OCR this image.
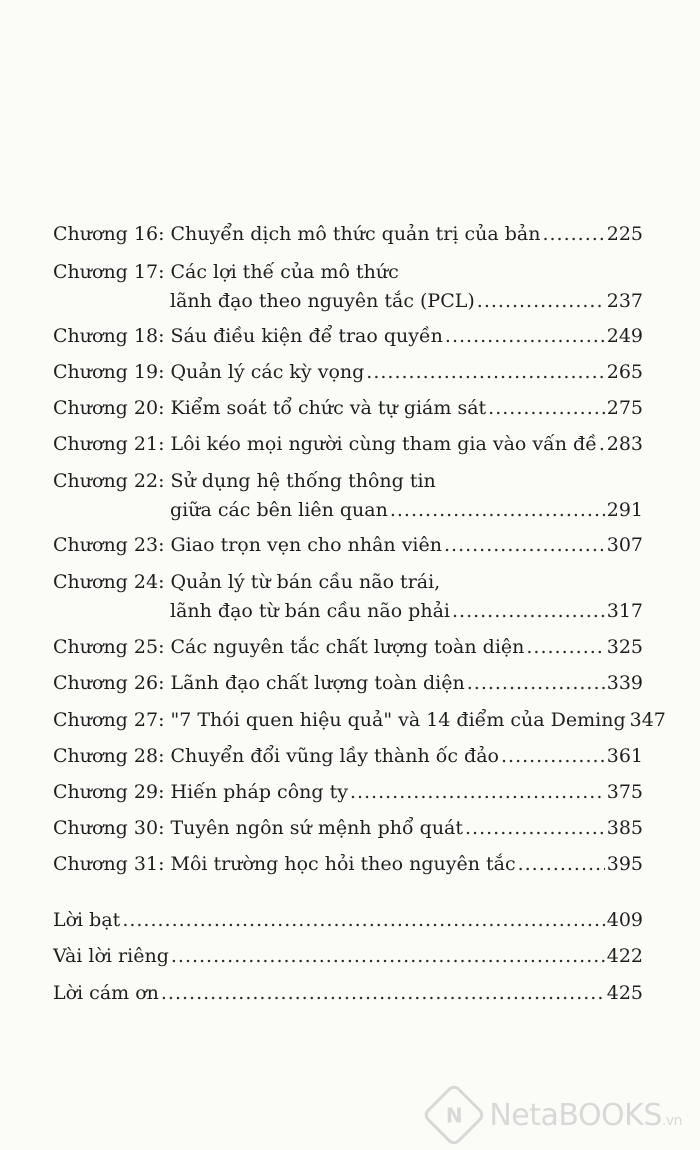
Chương 16: Chuyển dịch mô thức quản trị của bản .....	225
Chương 17: Các lợi thế của mô thức
lãnh đạo theo nguyên tắc (PCL) .....	237
Chương 18: Sáu điều kiện để trao quyền .....	249
Chương 19: Quản lý các kỳ vọng .....	265
Chương 20: Kiểm soát tổ chức và tự giám sát .....	275
Chương 21: Lôi kéo mọi người cùng tham gia vào vấn đề ..... 283
Chương 22: Sử dụng hệ thống thông tin
giữa các bên liên quan .....	291
Chương 23: Giao trọn vẹn cho nhân viên .....	307
Chương 24: Quản lý từ bán cầu não trái,
lãnh đạo từ bán cầu não phải .....	317
Chương 25: Các nguyên tắc chất lượng toàn diện .....	325
Chương 26: Lãnh đạo chất lượng toàn diện .....	339
Chương 27: "7 Thói quen hiệu quả" và 14 điểm của Deming 347
Chương 28: Chuyển đổi vũng lầy thành ốc đảo .....	361
Chương 29: Hiến pháp công ty .....	375
Chương 30: Tuyên ngôn sứ mệnh phổ quát .....	385
Chương 31: Môi trường học hỏi theo nguyên tắc .....	395
Lời bạt .....	409
Vài lời riêng .....	422
Lời cám ơn .....	425
N NetaBOOKS.vn
